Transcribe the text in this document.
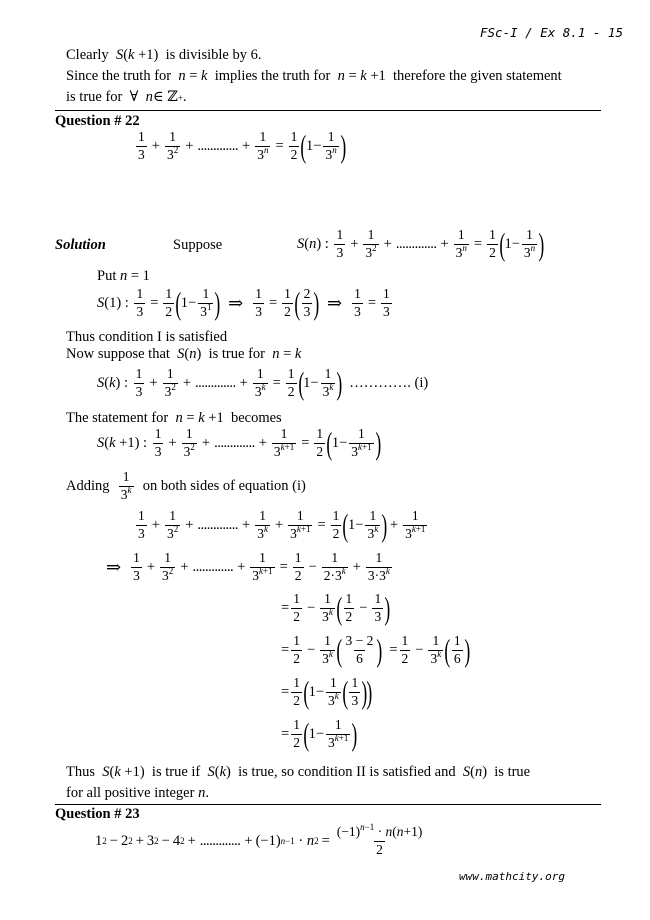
FSc-I / Ex 8.1 - 15
Clearly S ( k +1)  is divisible by 6.
Since the truth for n = k implies the truth for n = k +1  therefore the given statement
is true for  ∀ n ∈ ℤ + .
Question # 22
1
3
+ $\frac{1}{3^2}$ + ............. + $\frac{1}{3^n} = \frac{1}{2}$ ( 1−
1
3$^n$ )
Solution	Suppose	S ( n ) :
1
3
+ $\frac{1}{3^2}$ + ............. + $\frac{1}{3^n} = \frac{1}{2}$ ( 1−
1
3$^n$ )
Put n = 1
S (1) : $\frac{1}{3} = \frac{1}{2}$ ( 1−
1
$3^1$ ) ⇒ $\frac{1}{3} = \frac{1}{2}$ ( 2
3 ) ⇒ $\frac{1}{3} = \frac{1}{3}$
Thus condition I is satisfied
Now suppose that S ( n )  is true for n = k
S ( k ) :
1
3
+ $\frac{1}{3^2}$ + ............. + $\frac{1}{3^k} = \frac{1}{2}$ ( 1−
1
3$^k$ )
…………. (i)
The statement for n = k +1  becomes
S ( k +1) :
1
3
+ $\frac{1}{3^2}$ + ............. + $\frac{1}{3^{k+1}} = \frac{1}{2}$ ( 1−
1
$3^{k+1}$ )
Adding

1
3$^k$
on both sides of equation (i)
1
3
+ $\frac{1}{3^2}$ + ............. + $\frac{1}{3^k} + \frac{1}{3^{k+1}} = \frac{1}{2}$ ( 1−
1
3$^k$ ) + $\frac{1}{3^{k+1}}$
⇒ 1
3
+ $\frac{1}{3^2}$ + ............. + $\frac{1}{3^{k+1}} = \frac{1}{2} - \frac{1}{2\cdot 3^k} + \frac{1}{3\cdot 3^k}$
=
1
2
− $\frac{1}{3^k}$ ( 1
2
− $\frac{1}{3}$ )
=
1
2
− $\frac{1}{3^k}$ ( 3 − 2
6 ) =
1
2
− $\frac{1}{3^k}$ ( 1
6 )
=
1
2 ( 1−
1
3$^k$ ( 1
3 )
)
=
1
2 ( 1−
1
$3^{k+1}$ )
Thus S ( k +1)  is true if S ( k )  is true, so condition II is satisfied and S ( n )  is true
for all positive integer n.
Question # 23
1 2 − 2 2 + 3 2 − 4 2 + ............. + (−1) n−1 · n $2 = \frac{(-1)^{n-1} \cdot n(n+1)}{2}$
www.mathcity.org
